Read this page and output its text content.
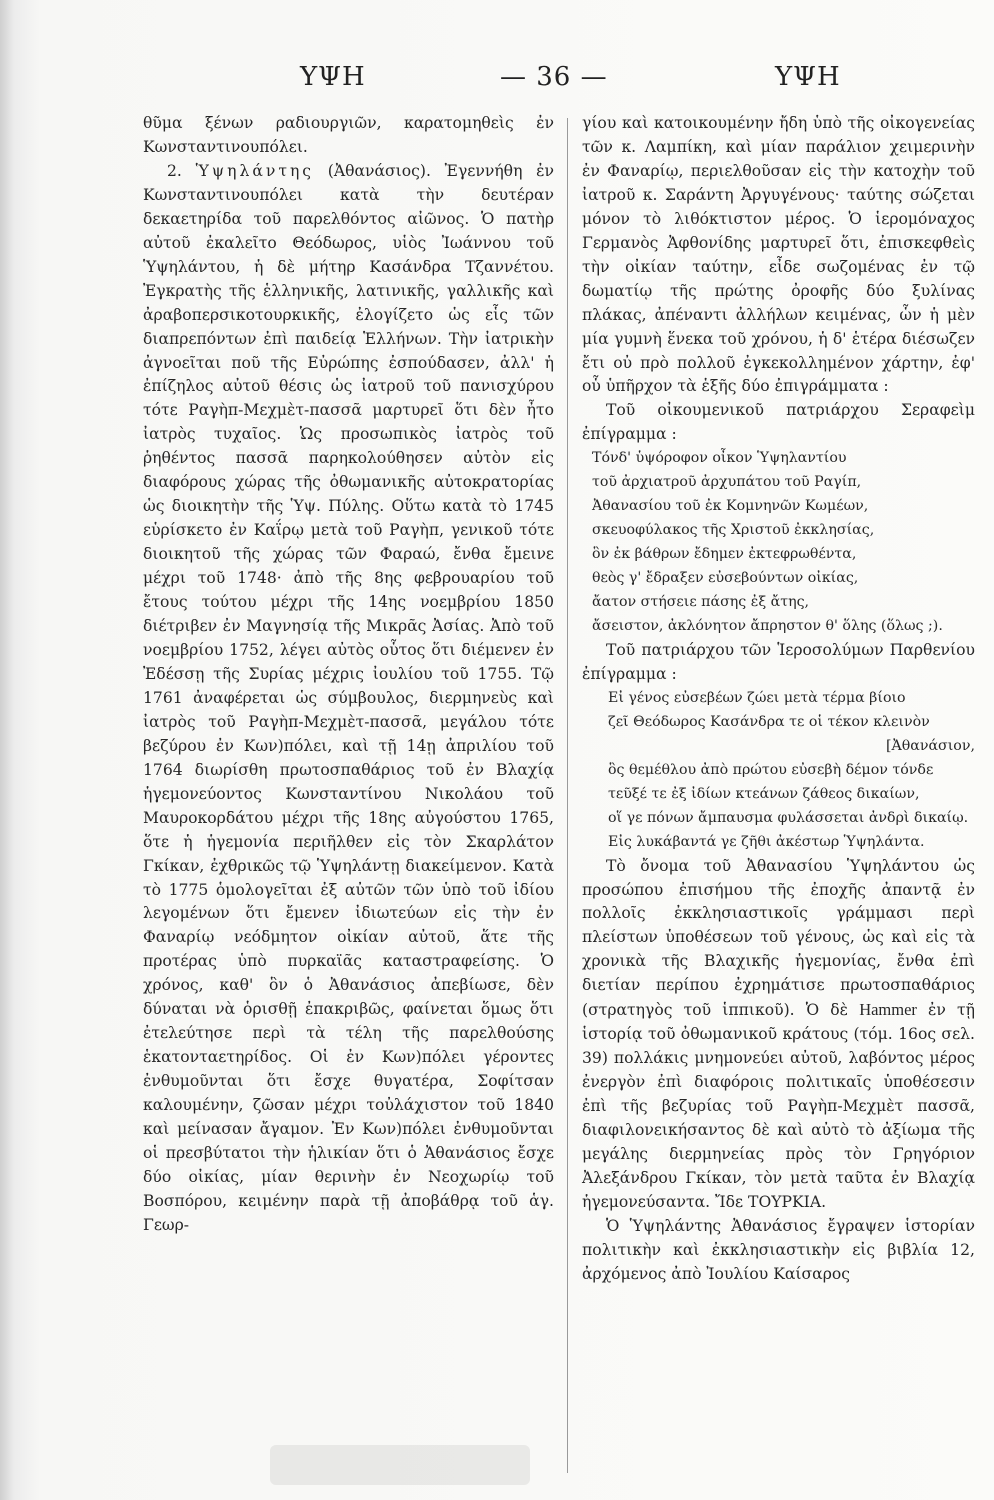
ΥΨΗ	— 36 —	ΥΨΗ

θῦμα ξένων ραδιουργιῶν, καρατομηθεὶς ἐν Κωνσταντινουπόλει.

2. Ὑψηλάντης (Ἀθανάσιος). Ἐγεννήθη ἐν Κωνσταντινουπόλει κατὰ τὴν δευτέραν δεκαετηρίδα τοῦ παρελθόντος αἰῶνος. Ὁ πατὴρ αὐτοῦ ἐκαλεῖτο Θεόδωρος, υἱὸς Ἰωάννου τοῦ Ὑψηλάντου, ἡ δὲ μήτηρ Κασάνδρα Τζαννέτου. Ἐγκρατὴς τῆς ἑλληνικῆς, λατινικῆς, γαλλικῆς καὶ ἀραβοπερσικοτουρκικῆς, ἐλογίζετο ὡς εἷς τῶν διαπρεπόντων ἐπὶ παιδείᾳ Ἑλλήνων. Τὴν ἰατρικὴν ἀγνοεῖται ποῦ τῆς Εὐρώπης ἐσπούδασεν, ἀλλ' ἡ ἐπίζηλος αὐτοῦ θέσις ὡς ἰατροῦ τοῦ πανισχύρου τότε Ραγὴπ-Μεχμὲτ-πασσᾶ μαρτυρεῖ ὅτι δὲν ἦτο ἰατρὸς τυχαῖος. Ὡς προσωπικὸς ἰατρὸς τοῦ ῥηθέντος πασσᾶ παρηκολούθησεν αὐτὸν εἰς διαφόρους χώρας τῆς ὀθωμανικῆς αὐτοκρατορίας ὡς διοικητὴν τῆς Ὑψ. Πύλης. Οὕτω κατὰ τὸ 1745 εὑρίσκετο ἐν Καΐρῳ μετὰ τοῦ Ραγὴπ, γενικοῦ τότε διοικητοῦ τῆς χώρας τῶν Φαραώ, ἔνθα ἔμεινε μέχρι τοῦ 1748· ἀπὸ τῆς 8ης φεβρουαρίου τοῦ ἔτους τούτου μέχρι τῆς 14ης νοεμβρίου 1850 διέτριβεν ἐν Μαγνησίᾳ τῆς Μικρᾶς Ἀσίας. Ἀπὸ τοῦ νοεμβρίου 1752, λέγει αὐτὸς οὗτος ὅτι διέμενεν ἐν Ἐδέσσῃ τῆς Συρίας μέχρις ἰουλίου τοῦ 1755. Τῷ 1761 ἀναφέρεται ὡς σύμβουλος, διερμηνεὺς καὶ ἰατρὸς τοῦ Ραγὴπ-Μεχμὲτ-πασσᾶ, μεγάλου τότε βεζύρου ἐν Κων)πόλει, καὶ τῇ 14ῃ ἀπριλίου τοῦ 1764 διωρίσθη πρωτοσπαθάριος τοῦ ἐν Βλαχίᾳ ἡγεμονεύοντος Κωνσταντίνου Νικολάου τοῦ Μαυροκορδάτου μέχρι τῆς 18ης αὐγούστου 1765, ὅτε ἡ ἡγεμονία περιῆλθεν εἰς τὸν Σκαρλάτον Γκίκαν, ἐχθρικῶς τῷ Ὑψηλάντῃ διακείμενον. Κατὰ τὸ 1775 ὁμολογεῖται ἐξ αὐτῶν τῶν ὑπὸ τοῦ ἰδίου λεγομένων ὅτι ἔμενεν ἰδιωτεύων εἰς τὴν ἐν Φαναρίῳ νεόδμητον οἰκίαν αὐτοῦ, ἅτε τῆς προτέρας ὑπὸ πυρκαϊᾶς καταστραφείσης. Ὁ χρόνος, καθ' ὃν ὁ Ἀθανάσιος ἀπεβίωσε, δὲν δύναται νὰ ὁρισθῇ ἐπακριβῶς, φαίνεται ὅμως ὅτι ἐτελεύτησε περὶ τὰ τέλη τῆς παρελθούσης ἑκατονταετηρίδος. Οἱ ἐν Κων)πόλει γέροντες ἐνθυμοῦνται ὅτι ἔσχε θυγατέρα, Σοφίτσαν καλουμένην, ζῶσαν μέχρι τοὐλάχιστον τοῦ 1840 καὶ μείνασαν ἄγαμον. Ἐν Κων)πόλει ἐνθυμοῦνται οἱ πρεσβύτατοι τὴν ἡλικίαν ὅτι ὁ Ἀθανάσιος ἔσχε δύο οἰκίας, μίαν θερινὴν ἐν Νεοχωρίῳ τοῦ Βοσπόρου, κειμένην παρὰ τῇ ἀποβάθρᾳ τοῦ ἁγ. Γεωρ-

γίου καὶ κατοικουμένην ἤδη ὑπὸ τῆς οἰκογενείας τῶν κ. Λαμπίκη, καὶ μίαν παράλιον χειμερινὴν ἐν Φαναρίῳ, περιελθοῦσαν εἰς τὴν κατοχὴν τοῦ ἰατροῦ κ. Σαράντη Ἀργυγένους· ταύτης σώζεται μόνον τὸ λιθόκτιστον μέρος. Ὁ ἱερομόναχος Γερμανὸς Ἀφθονίδης μαρτυρεῖ ὅτι, ἐπισκεφθεὶς τὴν οἰκίαν ταύτην, εἶδε σωζομένας ἐν τῷ δωματίῳ τῆς πρώτης ὀροφῆς δύο ξυλίνας πλάκας, ἀπέναντι ἀλλήλων κειμένας, ὧν ἡ μὲν μία γυμνὴ ἕνεκα τοῦ χρόνου, ἡ δ' ἑτέρα διέσωζεν ἔτι οὐ πρὸ πολλοῦ ἐγκεκολλημένον χάρτην, ἐφ' οὗ ὑπῆρχον τὰ ἑξῆς δύο ἐπιγράμματα :

Τοῦ οἰκουμενικοῦ πατριάρχου Σεραφεὶμ ἐπίγραμμα :

Τόνδ' ὑψόροφον οἶκον Ὑψηλαντίου
τοῦ ἀρχιατροῦ ἀρχυπάτου τοῦ Ραγίπ,
Ἀθανασίου τοῦ ἐκ Κομνηνῶν Κωμέων,
σκευοφύλακος τῆς Χριστοῦ ἐκκλησίας,
ὃν ἐκ βάθρων ἔδημεν ἐκτεφρωθέντα,
θεὸς γ' ἔδραξεν εὐσεβούντων οἰκίας,
ἄατον στήσειε πάσης ἐξ ἄτης,
ἄσειστον, ἀκλόνητον ἄπρηστον θ' ὅλης (ὅλως ;).

Τοῦ πατριάρχου τῶν Ἱεροσολύμων Παρθενίου ἐπίγραμμα :

Εἰ γένος εὐσεβέων ζώει μετὰ τέρμα βίοιο
ζεῖ Θεόδωρος Κασάνδρα τε οἱ τέκον κλεινὸν
[Ἀθανάσιον,
ὃς θεμέθλου ἀπὸ πρώτου εὐσεβὴ δέμον τόνδε
τεῦξέ τε ἐξ ἰδίων κτεάνων ζάθεος δικαίων,
οἵ γε πόνων ἄμπαυσμα φυλάσσεται ἀνδρὶ δικαίῳ.
Εἰς λυκάβαντά γε ζῆθι ἀκέστωρ Ὑψηλάντα.

Τὸ ὄνομα τοῦ Ἀθανασίου Ὑψηλάντου ὡς προσώπου ἐπισήμου τῆς ἐποχῆς ἀπαντᾷ ἐν πολλοῖς ἐκκλησιαστικοῖς γράμμασι περὶ πλείστων ὑποθέσεων τοῦ γένους, ὡς καὶ εἰς τὰ χρονικὰ τῆς Βλαχικῆς ἡγεμονίας, ἔνθα ἐπὶ διετίαν περίπου ἐχρημάτισε πρωτοσπαθάριος (στρατηγὸς τοῦ ἱππικοῦ). Ὁ δὲ Hammer ἐν τῇ ἱστορίᾳ τοῦ ὀθωμανικοῦ κράτους (τόμ. 16ος σελ. 39) πολλάκις μνημονεύει αὐτοῦ, λαβόντος μέρος ἐνεργὸν ἐπὶ διαφόροις πολιτικαῖς ὑποθέσεσιν ἐπὶ τῆς βεζυρίας τοῦ Ραγὴπ-Μεχμὲτ πασσᾶ, διαφιλονεικήσαντος δὲ καὶ αὐτὸ τὸ ἀξίωμα τῆς μεγάλης διερμηνείας πρὸς τὸν Γρηγόριον Ἀλεξάνδρου Γκίκαν, τὸν μετὰ ταῦτα ἐν Βλαχίᾳ ἡγεμονεύσαντα. Ἴδε ΤΟΥΡΚΙΑ.

Ὁ Ὑψηλάντης Ἀθανάσιος ἔγραψεν ἱστορίαν πολιτικὴν καὶ ἐκκλησιαστικὴν εἰς βιβλία 12, ἀρχόμενος ἀπὸ Ἰουλίου Καίσαρος
